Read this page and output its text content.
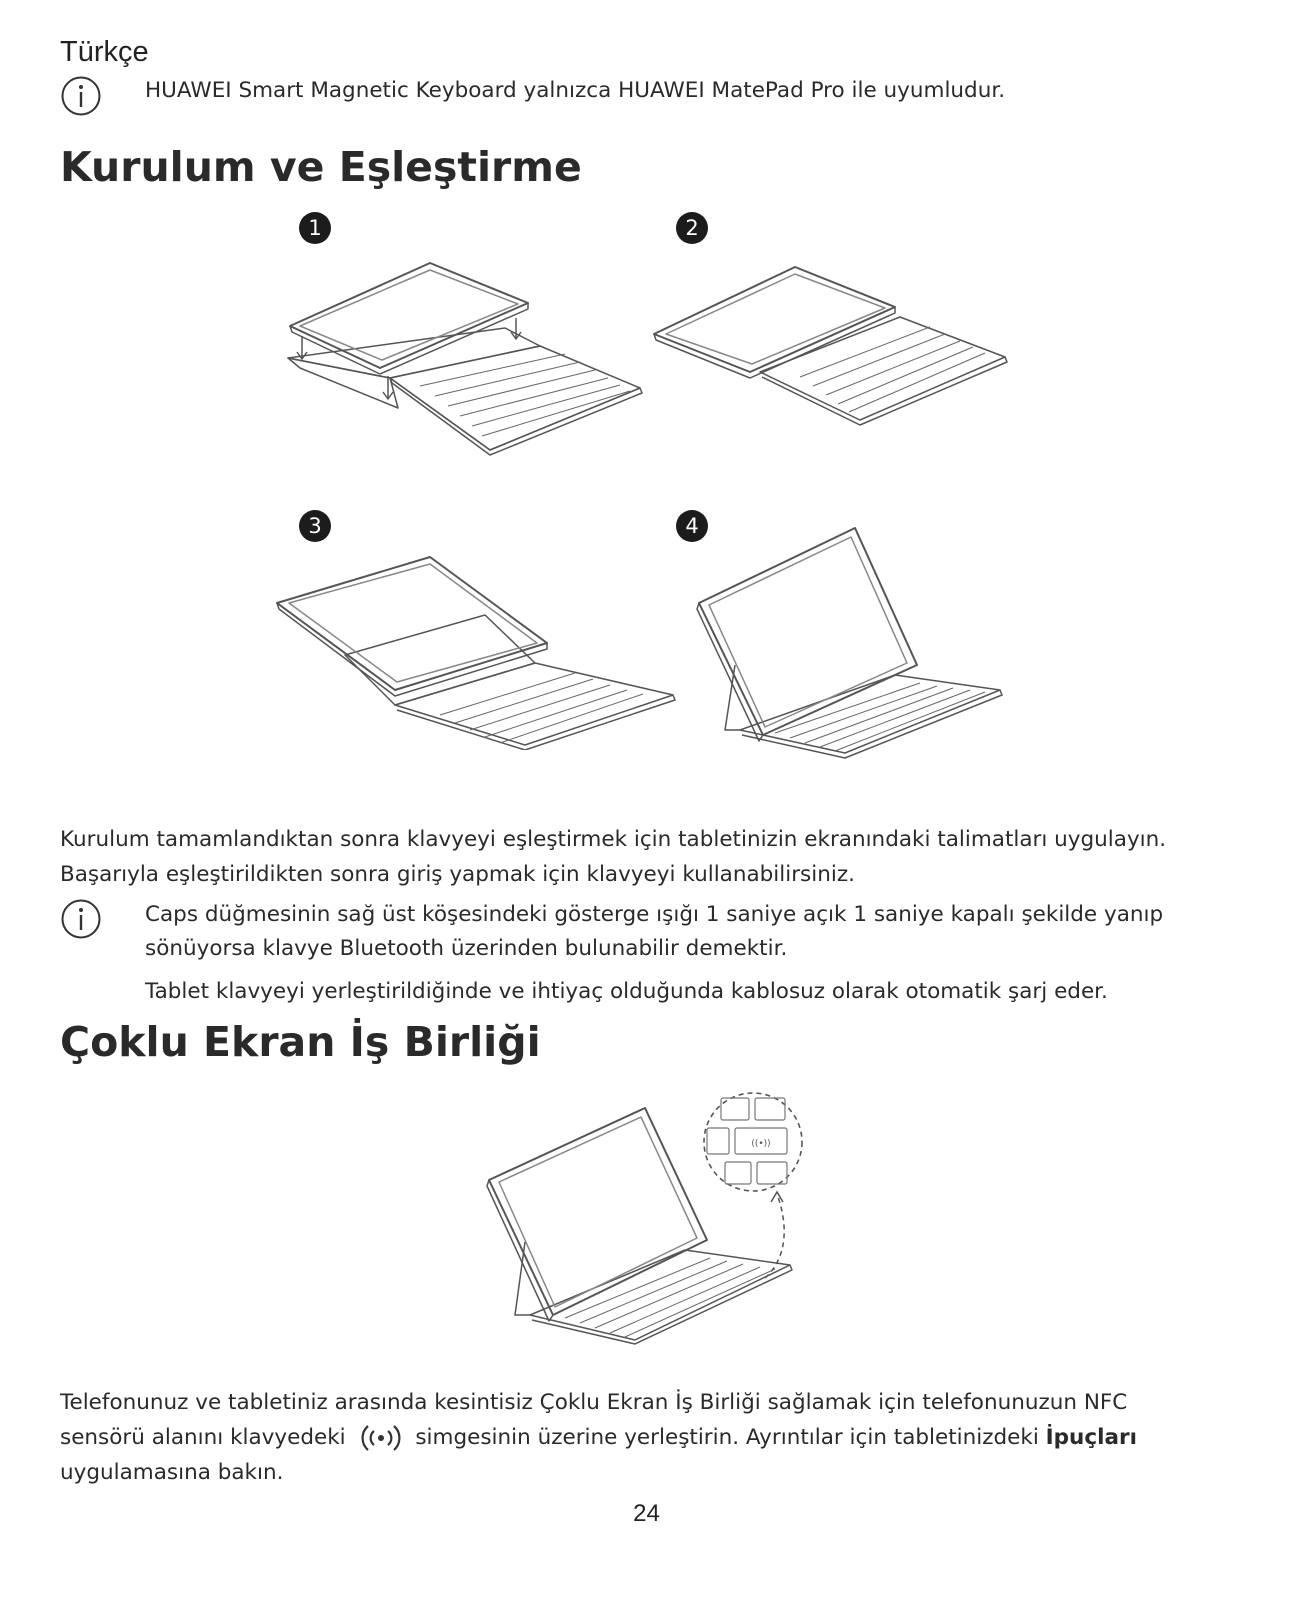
Türkçe
HUAWEI Smart Magnetic Keyboard yalnızca HUAWEI MatePad Pro ile uyumludur.
Kurulum ve Eşleştirme
1	2
3	4
Kurulum tamamlandıktan sonra klavyeyi eşleştirmek için tabletinizin ekranındaki talimatları uygulayın.
Başarıyla eşleştirildikten sonra giriş yapmak için klavyeyi kullanabilirsiniz.
Caps düğmesinin sağ üst köşesindeki gösterge ışığı 1 saniye açık 1 saniye kapalı şekilde yanıp
sönüyorsa klavye Bluetooth üzerinden bulunabilir demektir.
Tablet klavyeyi yerleştirildiğinde ve ihtiyaç olduğunda kablosuz olarak otomatik şarj eder.
Çoklu Ekran İş Birliği
((•))
Telefonunuz ve tabletiniz arasında kesintisiz Çoklu Ekran İş Birliği sağlamak için telefonunuzun NFC
sensörü alanını klavyedeki	simgesinin üzerine yerleştirin. Ayrıntılar için tabletinizdeki İpuçları
uygulamasına bakın.
24
